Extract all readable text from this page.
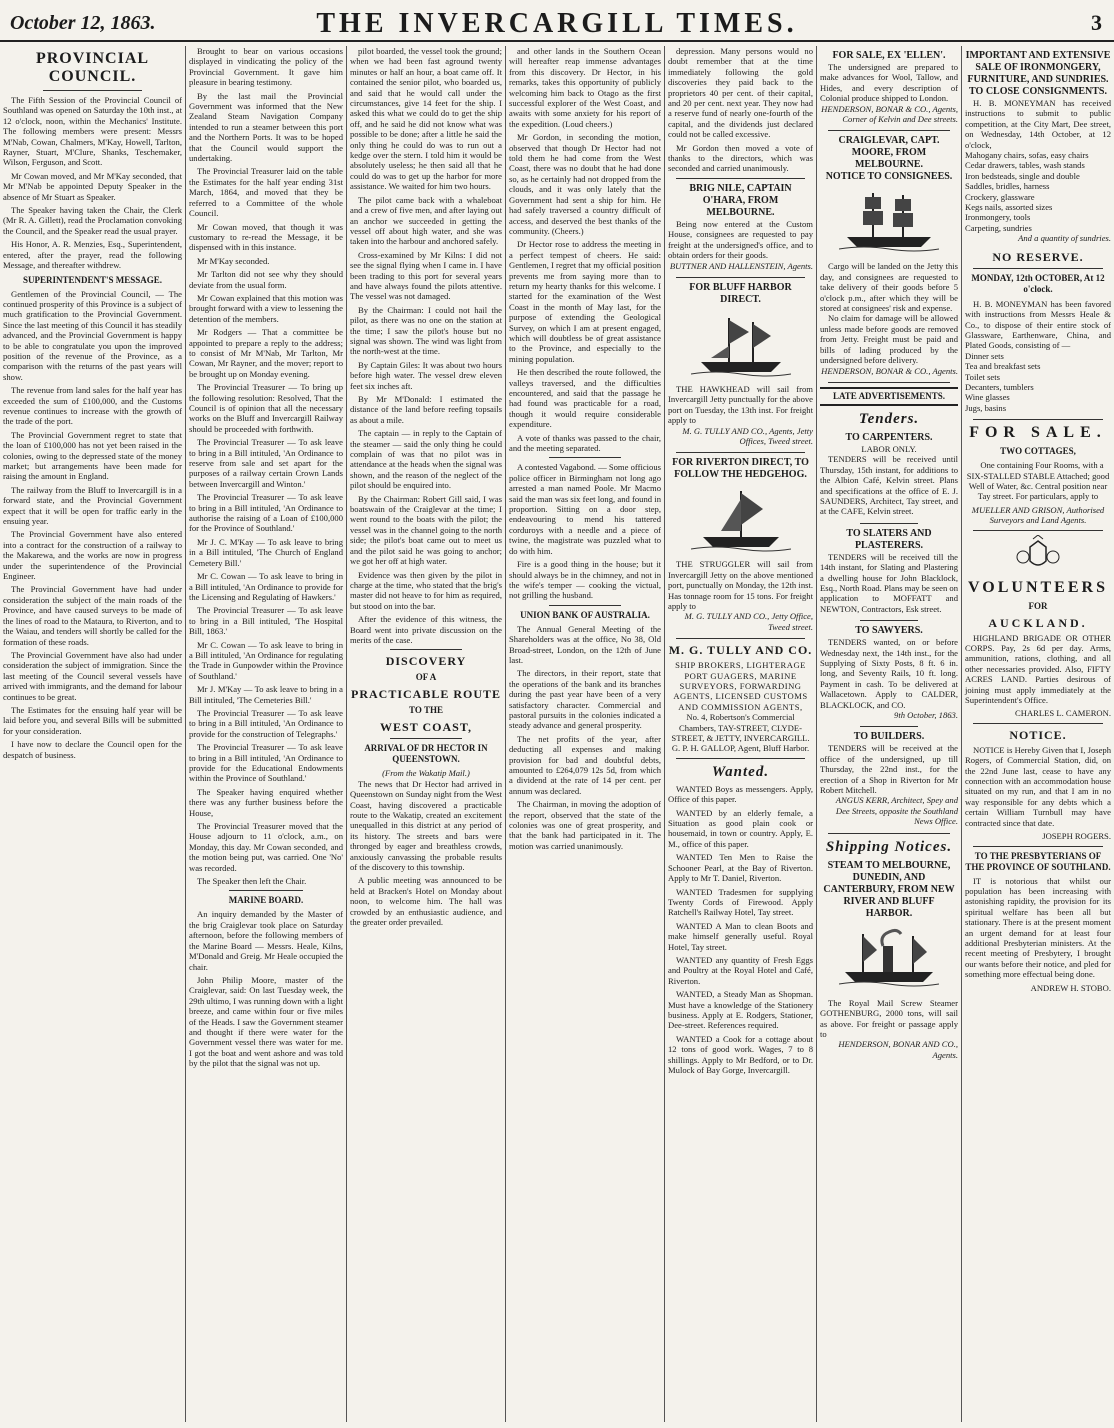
October 12, 1863.	THE INVERCARGILL TIMES.	3
PROVINCIAL COUNCIL.

The Fifth Session of the Provincial Council of Southland was opened on Saturday the 10th inst., at 12 o'clock, noon, within the Mechanics' Institute. The following members were present: Messrs M'Nab, Cowan, Chalmers, M'Kay, Howell, Tarlton, Rayner, Stuart, M'Clure, Shanks, Teschemaker, Wilson, Ferguson, and Scott.

Mr Cowan moved, and Mr M'Kay seconded, that Mr M'Nab be appointed Deputy Speaker in the absence of Mr Stuart as Speaker.

The Speaker having taken the Chair, the Clerk (Mr R. A. Gillett), read the Proclamation convoking the Council, and the Speaker read the usual prayer.

His Honor, A. R. Menzies, Esq., Superintendent, entered, after the prayer, read the following Message, and thereafter withdrew.

SUPERINTENDENT'S MESSAGE.

Gentlemen of the Provincial Council, — The continued prosperity of this Province is a subject of much gratification to the Provincial Government. Since the last meeting of this Council it has steadily advanced, and the Provincial Government is happy to be able to congratulate you upon the improved position of the revenue of the Province, as a comparison with the returns of the past years will show.

The revenue from land sales for the half year has exceeded the sum of £100,000, and the Customs revenue continues to increase with the growth of the trade of the port.

The Provincial Government regret to state that the loan of £100,000 has not yet been raised in the colonies, owing to the depressed state of the money market; but arrangements have been made for raising the amount in England.

The railway from the Bluff to Invercargill is in a forward state, and the Provincial Government expect that it will be open for traffic early in the ensuing year.

The Provincial Government have also entered into a contract for the construction of a railway to the Makarewa, and the works are now in progress under the superintendence of the Provincial Engineer.

The Provincial Government have had under consideration the subject of the main roads of the Province, and have caused surveys to be made of the lines of road to the Mataura, to Riverton, and to the Waiau, and tenders will shortly be called for the formation of these roads.

The Provincial Government have also had under consideration the subject of immigration. Since the last meeting of the Council several vessels have arrived with immigrants, and the demand for labour continues to be great.

The Estimates for the ensuing half year will be laid before you, and several Bills will be submitted for your consideration.

I have now to declare the Council open for the despatch of business.

Brought to bear on various occasions displayed in vindicating the policy of the Provincial Government. It gave him pleasure in bearing testimony.

By the last mail the Provincial Government was informed that the New Zealand Steam Navigation Company intended to run a steamer between this port and the Northern Ports. It was to be hoped that the Council would support the undertaking.

The Provincial Treasurer laid on the table the Estimates for the half year ending 31st March, 1864, and moved that they be referred to a Committee of the whole Council.

Mr Cowan moved, that though it was customary to re-read the Message, it be dispensed with in this instance.

Mr M'Kay seconded.

Mr Tarlton did not see why they should deviate from the usual form.

Mr Cowan explained that this motion was brought forward with a view to lessening the detention of the members.

Mr Rodgers — That a committee be appointed to prepare a reply to the address; to consist of Mr M'Nab, Mr Tarlton, Mr Cowan, Mr Rayner, and the mover; report to be brought up on Monday evening.

The Provincial Treasurer — To bring up the following resolution: Resolved, That the Council is of opinion that all the necessary works on the Bluff and Invercargill Railway should be proceeded with forthwith.

The Provincial Treasurer — To ask leave to bring in a Bill intituled, 'An Ordinance to reserve from sale and set apart for the purposes of a railway certain Crown Lands between Invercargill and Winton.'

The Provincial Treasurer — To ask leave to bring in a Bill intituled, 'An Ordinance to authorise the raising of a Loan of £100,000 for the Province of Southland.'

Mr J. C. M'Kay — To ask leave to bring in a Bill intituled, 'The Church of England Cemetery Bill.'

Mr C. Cowan — To ask leave to bring in a Bill intituled, 'An Ordinance to provide for the Licensing and Regulating of Hawkers.'

The Provincial Treasurer — To ask leave to bring in a Bill intituled, 'The Hospital Bill, 1863.'

Mr C. Cowan — To ask leave to bring in a Bill intituled, 'An Ordinance for regulating the Trade in Gunpowder within the Province of Southland.'

Mr J. M'Kay — To ask leave to bring in a Bill intituled, 'The Cemeteries Bill.'

The Provincial Treasurer — To ask leave to bring in a Bill intituled, 'An Ordinance to provide for the construction of Telegraphs.'

The Provincial Treasurer — To ask leave to bring in a Bill intituled, 'An Ordinance to provide for the Educational Endowments within the Province of Southland.'

The Speaker having enquired whether there was any further business before the House,

The Provincial Treasurer moved that the House adjourn to 11 o'clock, a.m., on Monday, this day. Mr Cowan seconded, and the motion being put, was carried. One 'No' was recorded.

The Speaker then left the Chair.

MARINE BOARD.

An inquiry demanded by the Master of the brig Craiglevar took place on Saturday afternoon, before the following members of the Marine Board — Messrs. Heale, Kilns, M'Donald and Greig. Mr Heale occupied the chair.

John Philip Moore, master of the Craiglevar, said: On last Tuesday week, the 29th ultimo, I was running down with a light breeze, and came within four or five miles of the Heads. I saw the Government steamer and thought if there were water for the Government vessel there was water for me. I got the boat and went ashore and was told by the pilot that the signal was not up.

pilot boarded, the vessel took the ground; when we had been fast aground twenty minutes or half an hour, a boat came off. It contained the senior pilot, who boarded us, and said that he would call under the circumstances, give 14 feet for the ship. I asked this what we could do to get the ship off, and he said he did not know what was possible to be done; after a little he said the only thing he could do was to run out a kedge over the stern. I told him it would be absolutely useless; he then said all that he could do was to get up the harbor for more assistance. We waited for him two hours.

The pilot came back with a whaleboat and a crew of five men, and after laying out an anchor we succeeded in getting the vessel off about high water, and she was taken into the harbour and anchored safely.

Cross-examined by Mr Kilns: I did not see the signal flying when I came in. I have been trading to this port for several years and have always found the pilots attentive. The vessel was not damaged.

By the Chairman: I could not hail the pilot, as there was no one on the station at the time; I saw the pilot's house but no signal was shown. The wind was light from the north-west at the time.

By Captain Giles: It was about two hours before high water. The vessel drew eleven feet six inches aft.

By Mr M'Donald: I estimated the distance of the land before reefing topsails as about a mile.

The captain — in reply to the Captain of the steamer — said the only thing he could complain of was that no pilot was in attendance at the heads when the signal was shown, and the reason of the neglect of the pilot should be enquired into.

By the Chairman: Robert Gill said, I was boatswain of the Craiglevar at the time; I went round to the boats with the pilot; the vessel was in the channel going to the north side; the pilot's boat came out to meet us and the pilot said he was going to anchor; we got her off at high water.

Evidence was then given by the pilot in charge at the time, who stated that the brig's master did not heave to for him as required, but stood on into the bar.

After the evidence of this witness, the Board went into private discussion on the merits of the case.

DISCOVERY
OF A
PRACTICABLE ROUTE
TO THE
WEST COAST,
ARRIVAL OF DR HECTOR IN QUEENSTOWN.
(From the Wakatip Mail.)

The news that Dr Hector had arrived in Queenstown on Sunday night from the West Coast, having discovered a practicable route to the Wakatip, created an excitement unequalled in this district at any period of its history. The streets and bars were thronged by eager and breathless crowds, anxiously canvassing the probable results of the discovery to this township.

A public meeting was announced to be held at Bracken's Hotel on Monday about noon, to welcome him. The hall was crowded by an enthusiastic audience, and the greater order prevailed.

and other lands in the Southern Ocean will hereafter reap immense advantages from this discovery. Dr Hector, in his remarks, takes this opportunity of publicly welcoming him back to Otago as the first successful explorer of the West Coast, and awaits with some anxiety for his report of the expedition. (Loud cheers.)

Mr Gordon, in seconding the motion, observed that though Dr Hector had not told them he had come from the West Coast, there was no doubt that he had done so, as he certainly had not dropped from the clouds, and it was only lately that the Government had sent a ship for him. He had safely traversed a country difficult of access, and deserved the best thanks of the community. (Cheers.)

Dr Hector rose to address the meeting in a perfect tempest of cheers. He said: Gentlemen, I regret that my official position prevents me from saying more than to return my hearty thanks for this welcome. I started for the examination of the West Coast in the month of May last, for the purpose of extending the Geological Survey, on which I am at present engaged, which will doubtless be of great assistance to the Province, and especially to the mining population.

He then described the route followed, the valleys traversed, and the difficulties encountered, and said that the passage he had found was practicable for a road, though it would require considerable expenditure.

A vote of thanks was passed to the chair, and the meeting separated.

A contested Vagabond. — Some officious police officer in Birmingham not long ago arrested a man named Poole. Mr Macmo said the man was six feet long, and found in proportion. Sitting on a door step, endeavouring to mend his tattered corduroys with a needle and a piece of twine, the magistrate was puzzled what to do with him.

Fire is a good thing in the house; but it should always be in the chimney, and not in the wife's temper — cooking the victual, not grilling the husband.

UNION BANK OF AUSTRALIA.

The Annual General Meeting of the Shareholders was at the office, No 38, Old Broad-street, London, on the 12th of June last.

The directors, in their report, state that the operations of the bank and its branches during the past year have been of a very satisfactory character. Commercial and pastoral pursuits in the colonies indicated a steady advance and general prosperity.

The net profits of the year, after deducting all expenses and making provision for bad and doubtful debts, amounted to £264,079 12s 5d, from which a dividend at the rate of 14 per cent. per annum was declared.

The Chairman, in moving the adoption of the report, observed that the state of the colonies was one of great prosperity, and that the bank had participated in it. The motion was carried unanimously.

depression. Many persons would no doubt remember that at the time immediately following the gold discoveries they paid back to the proprietors 40 per cent. of their capital, and 20 per cent. next year. They now had a reserve fund of nearly one-fourth of the capital, and the dividends just declared could not be called excessive.

Mr Gordon then moved a vote of thanks to the directors, which was seconded and carried unanimously.

BRIG NILE, CAPTAIN O'HARA, FROM MELBOURNE.
Being now entered at the Custom House, consignees are requested to pay freight at the undersigned's office, and to obtain orders for their goods.
BUTTNER AND HALLENSTEIN, Agents.
FOR BLUFF HARBOR DIRECT.
THE HAWKHEAD will sail from Invercargill Jetty punctually for the above port on Tuesday, the 13th inst. For freight apply to
M. G. TULLY AND CO., Agents, Jetty Offices, Tweed street.
FOR RIVERTON DIRECT, TO FOLLOW THE HEDGEHOG.
THE STRUGGLER will sail from Invercargill Jetty on the above mentioned port, punctually on Monday, the 12th inst. Has tonnage room for 15 tons. For freight apply to
M. G. TULLY AND CO., Jetty Office, Tweed street.
M. G. TULLY AND CO.
SHIP BROKERS, LIGHTERAGE PORT GUAGERS, MARINE SURVEYORS, FORWARDING AGENTS, LICENSED CUSTOMS AND COMMISSION AGENTS,
No. 4, Robertson's Commercial Chambers, TAY-STREET, CLYDE-STREET, & JETTY, INVERCARGILL.
G. P. H. GALLOP, Agent, Bluff Harbor.
Wanted.

WANTED Boys as messengers. Apply, Office of this paper.

WANTED by an elderly female, a Situation as good plain cook or housemaid, in town or country. Apply, E. M., office of this paper.

WANTED Ten Men to Raise the Schooner Pearl, at the Bay of Riverton. Apply to Mr T. Daniel, Riverton.

WANTED Tradesmen for supplying Twenty Cords of Firewood. Apply Ratchell's Railway Hotel, Tay street.

WANTED A Man to clean Boots and make himself generally useful. Royal Hotel, Tay street.

WANTED any quantity of Fresh Eggs and Poultry at the Royal Hotel and Café, Riverton.

WANTED, a Steady Man as Shopman. Must have a knowledge of the Stationery business. Apply at E. Rodgers, Stationer, Dee-street. References required.

WANTED a Cook for a cottage about 12 tons of good work. Wages, 7 to 8 shillings. Apply to Mr Bedford, or to Dr. Mulock of Bay Gorge, Invercargill.

FOR SALE, EX 'ELLEN'.
The undersigned are prepared to make advances for Wool, Tallow, and Hides, and every description of Colonial produce shipped to London.
HENDERSON, BONAR & CO., Agents, Corner of Kelvin and Dee streets.
CRAIGLEVAR, CAPT. MOORE, FROM MELBOURNE.
NOTICE TO CONSIGNEES.
Cargo will be landed on the Jetty this day, and consignees are requested to take delivery of their goods before 5 o'clock p.m., after which they will be stored at consignees' risk and expense.
No claim for damage will be allowed unless made before goods are removed from Jetty. Freight must be paid and bills of lading produced by the undersigned before delivery.
HENDERSON, BONAR & CO., Agents.
LATE ADVERTISEMENTS.
Tenders.
TO CARPENTERS.
LABOR ONLY.
TENDERS will be received until Thursday, 15th instant, for additions to the Albion Café, Kelvin street. Plans and specifications at the office of E. J. SAUNDERS, Architect, Tay street, and at the CAFE, Kelvin street.
TO SLATERS AND PLASTERERS.
TENDERS will be received till the 14th instant, for Slating and Plastering a dwelling house for John Blacklock, Esq., North Road. Plans may be seen on application to MOFFATT and NEWTON, Contractors, Esk street.
TO SAWYERS.
TENDERS wanted, on or before Wednesday next, the 14th inst., for the Supplying of Sixty Posts, 8 ft. 6 in. long, and Seventy Rails, 10 ft. long. Payment in cash. To be delivered at Wallacetown. Apply to CALDER, BLACKLOCK, and CO.
9th October, 1863.
TO BUILDERS.
TENDERS will be received at the office of the undersigned, up till Thursday, the 22nd inst., for the erection of a Shop in Riverton for Mr Robert Mitchell.
ANGUS KERR, Architect, Spey and Dee Streets, opposite the Southland News Office.
Shipping Notices.
STEAM TO MELBOURNE, DUNEDIN, AND CANTERBURY, FROM NEW RIVER AND BLUFF HARBOR.
The Royal Mail Screw Steamer GOTHENBURG, 2000 tons, will sail as above. For freight or passage apply to
HENDERSON, BONAR AND CO., Agents.
IMPORTANT AND EXTENSIVE SALE OF IRONMONGERY, FURNITURE, AND SUNDRIES.
TO CLOSE CONSIGNMENTS.
H. B. MONEYMAN has received instructions to submit to public competition, at the City Mart, Dee street, on Wednesday, 14th October, at 12 o'clock,
Mahogany chairs, sofas, easy chairs
Cedar drawers, tables, wash stands
Iron bedsteads, single and double
Saddles, bridles, harness
Crockery, glassware
Kegs nails, assorted sizes
Ironmongery, tools
Carpeting, sundries
And a quantity of sundries.
NO RESERVE.
MONDAY, 12th OCTOBER, At 12 o'clock.
H. B. MONEYMAN has been favored with instructions from Messrs Heale & Co., to dispose of their entire stock of Glassware, Earthenware, China, and Plated Goods, consisting of —
Dinner sets
Tea and breakfast sets
Toilet sets
Decanters, tumblers
Wine glasses
Jugs, basins
FOR SALE.
TWO COTTAGES,

One containing Four Rooms, with a SIX-STALLED STABLE Attached; good Well of Water, &c. Central position near Tay street. For particulars, apply to

MUELLER AND GRISON, Authorised Surveyors and Land Agents.
VOLUNTEERS
FOR
AUCKLAND.

HIGHLAND BRIGADE OR OTHER CORPS. Pay, 2s 6d per day. Arms, ammunition, rations, clothing, and all other necessaries provided. Also, FIFTY ACRES LAND. Parties desirous of joining must apply immediately at the Superintendent's Office.

CHARLES L. CAMERON.
NOTICE.

NOTICE is Hereby Given that I, Joseph Rogers, of Commercial Station, did, on the 22nd June last, cease to have any connection with an accommodation house situated on my run, and that I am in no way responsible for any debts which a certain William Turnbull may have contracted since that date.

JOSEPH ROGERS.
TO THE PRESBYTERIANS OF THE PROVINCE OF SOUTHLAND.

IT is notorious that whilst our population has been increasing with astonishing rapidity, the provision for its spiritual welfare has been all but stationary. There is at the present moment an urgent demand for at least four additional Presbyterian ministers. At the recent meeting of Presbytery, I brought our wants before their notice, and pled for something more effectual being done.

ANDREW H. STOBO.
